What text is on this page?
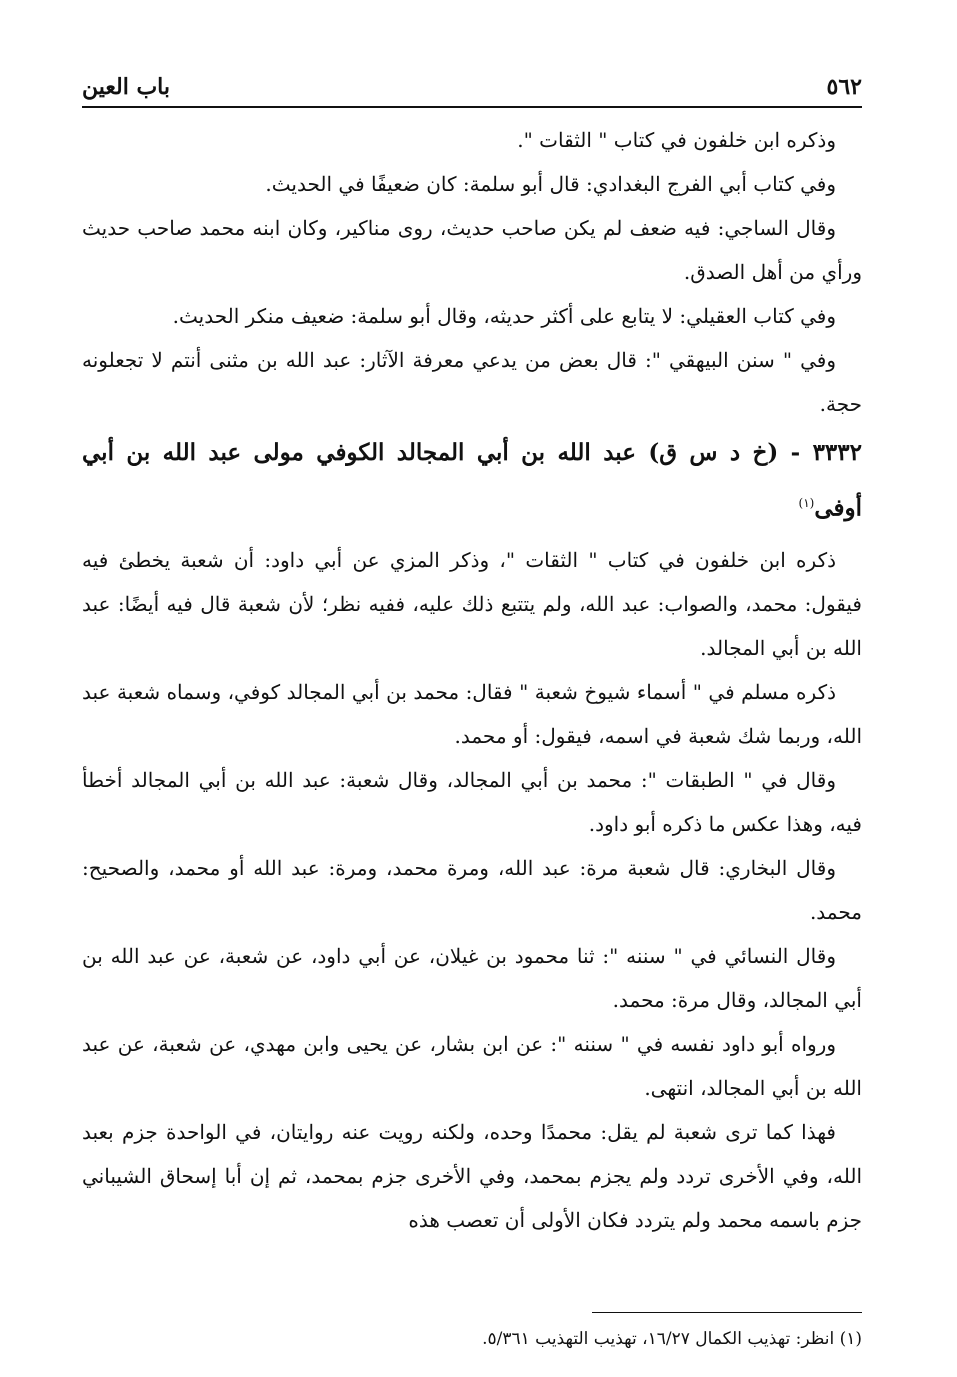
٥٦٢
باب العين

وذكره ابن خلفون في كتاب " الثقات ".

وفي كتاب أبي الفرج البغدادي: قال أبو سلمة: كان ضعيفًا في الحديث.

وقال الساجي: فيه ضعف لم يكن صاحب حديث، روى مناكير، وكان ابنه محمد صاحب حديث ورأي من أهل الصدق.

وفي كتاب العقيلي: لا يتابع على أكثر حديثه، وقال أبو سلمة: ضعيف منكر الحديث.

وفي " سنن البيهقي ": قال بعض من يدعي معرفة الآثار: عبد الله بن مثنى أنتم لا تجعلونه حجة.

٣٣٣٢ - (خ د س ق) عبد الله بن أبي المجالد الكوفي مولى عبد الله بن أبي أوفى$^{(١)}$

ذكره ابن خلفون في كتاب " الثقات "، وذكر المزي عن أبي داود: أن شعبة يخطئ فيه فيقول: محمد، والصواب: عبد الله، ولم يتتبع ذلك عليه، ففيه نظر؛ لأن شعبة قال فيه أيضًا: عبد الله بن أبي المجالد.

ذكره مسلم في " أسماء شيوخ شعبة " فقال: محمد بن أبي المجالد كوفي، وسماه شعبة عبد الله، وربما شك شعبة في اسمه، فيقول: أو محمد.

وقال في " الطبقات ": محمد بن أبي المجالد، وقال شعبة: عبد الله بن أبي المجالد أخطأ فيه، وهذا عكس ما ذكره أبو داود.

وقال البخاري: قال شعبة مرة: عبد الله، ومرة محمد، ومرة: عبد الله أو محمد، والصحيح: محمد.

وقال النسائي في " سننه ": ثنا محمود بن غيلان، عن أبي داود، عن شعبة، عن عبد الله بن أبي المجالد، وقال مرة: محمد.

ورواه أبو داود نفسه في " سننه ": عن ابن بشار، عن يحيى وابن مهدي، عن شعبة، عن عبد الله بن أبي المجالد، انتهى.

فهذا كما ترى شعبة لم يقل: محمدًا وحده، ولكنه رويت عنه روايتان، في الواحدة جزم بعبد الله، وفي الأخرى تردد ولم يجزم بمحمد، وفي الأخرى جزم بمحمد، ثم إن أبا إسحاق الشيباني جزم باسمه محمد ولم يتردد فكان الأولى أن تعصب هذه

(١) انظر: تهذيب الكمال ١٦/٢٧، تهذيب التهذيب ٥/٣٦١.
